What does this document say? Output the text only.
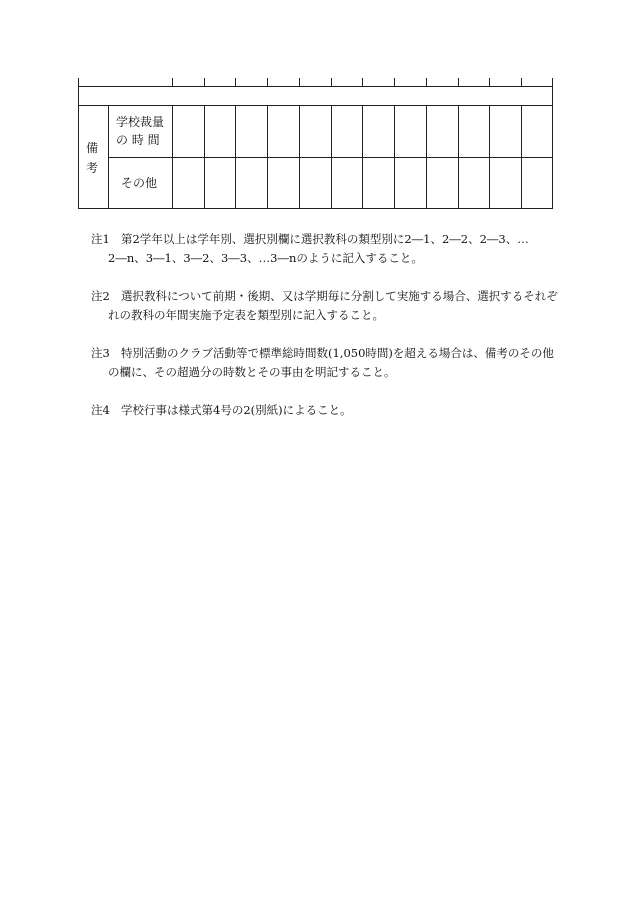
備
考
学校裁量
の 時 間
その他

注1 第2学年以上は学年別、選択別欄に選択教科の類型別に2―1、2―2、2―3、…2―n、3―1、3―2、3―3、…3―nのように記入すること。

注2 選択教科について前期・後期、又は学期毎に分割して実施する場合、選択するそれぞれの教科の年間実施予定表を類型別に記入すること。

注3 特別活動のクラブ活動等で標準総時間数(1,050時間)を超える場合は、備考のその他の欄に、その超過分の時数とその事由を明記すること。

注4 学校行事は様式第4号の2(別紙)によること。
